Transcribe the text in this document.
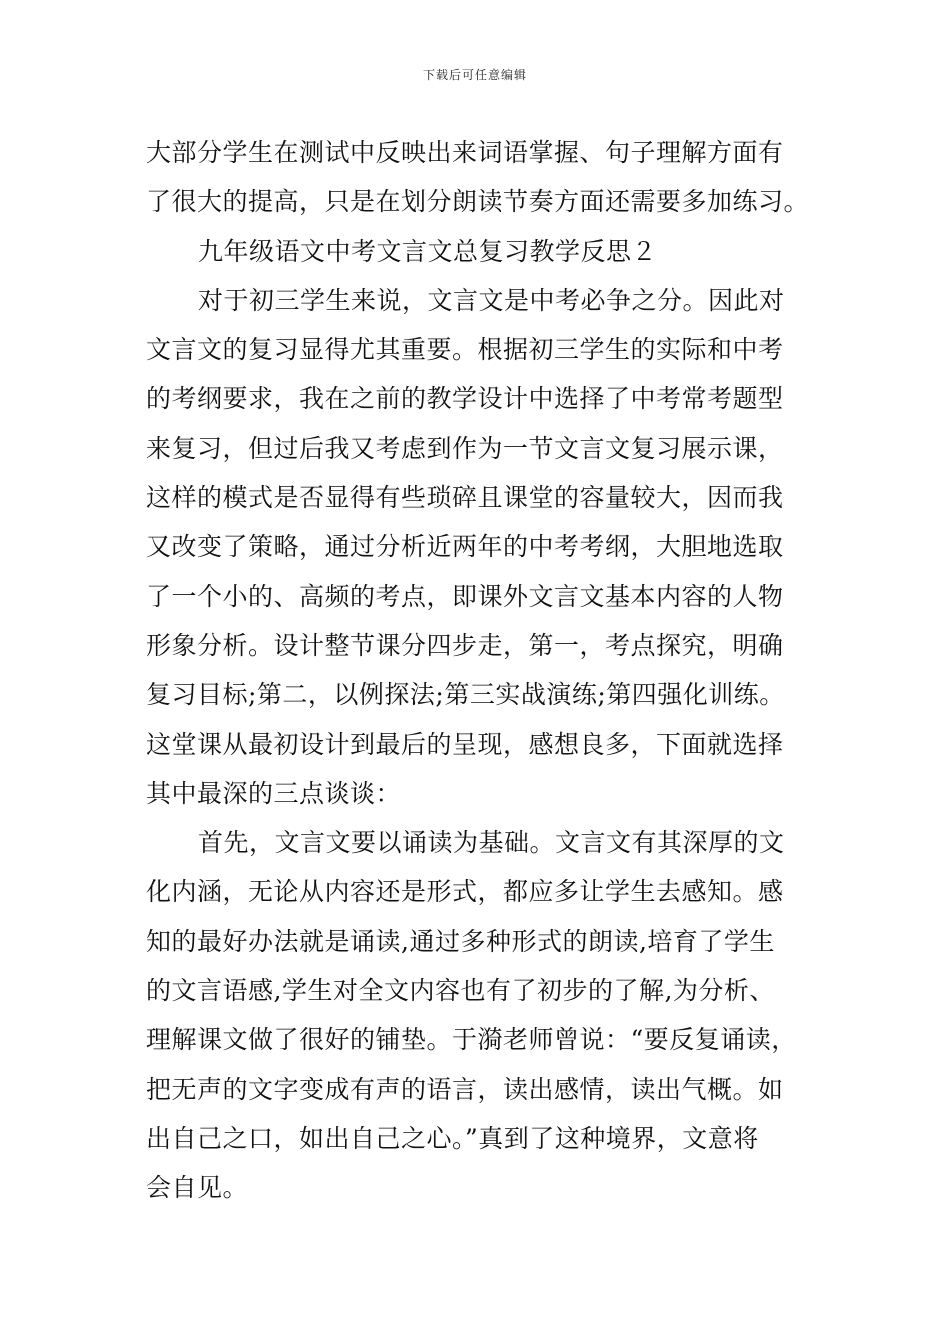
下载后可任意编辑
大部分学生在测试中反映出来词语掌握、句子理解方面有
了很大的提高，只是在划分朗读节奏方面还需要多加练习。
九年级语文中考文言文总复习教学反思２
对于初三学生来说，文言文是中考必争之分。因此对
文言文的复习显得尤其重要。根据初三学生的实际和中考
的考纲要求，我在之前的教学设计中选择了中考常考题型
来复习，但过后我又考虑到作为一节文言文复习展示课，
这样的模式是否显得有些琐碎且课堂的容量较大，因而我
又改变了策略，通过分析近两年的中考考纲，大胆地选取
了一个小的、高频的考点，即课外文言文基本内容的人物
形象分析。设计整节课分四步走，第一，考点探究，明确
复习目标;第二，以例探法;第三实战演练;第四强化训练。
这堂课从最初设计到最后的呈现，感想良多，下面就选择
其中最深的三点谈谈：
首先，文言文要以诵读为基础。文言文有其深厚的文
化内涵，无论从内容还是形式，都应多让学生去感知。感
知的最好办法就是诵读,通过多种形式的朗读,培育了学生
的文言语感,学生对全文内容也有了初步的了解,为分析、
理解课文做了很好的铺垫。于漪老师曾说：“要反复诵读，
把无声的文字变成有声的语言，读出感情，读出气概。如
出自己之口，如出自己之心。”真到了这种境界，文意将
会自见。
